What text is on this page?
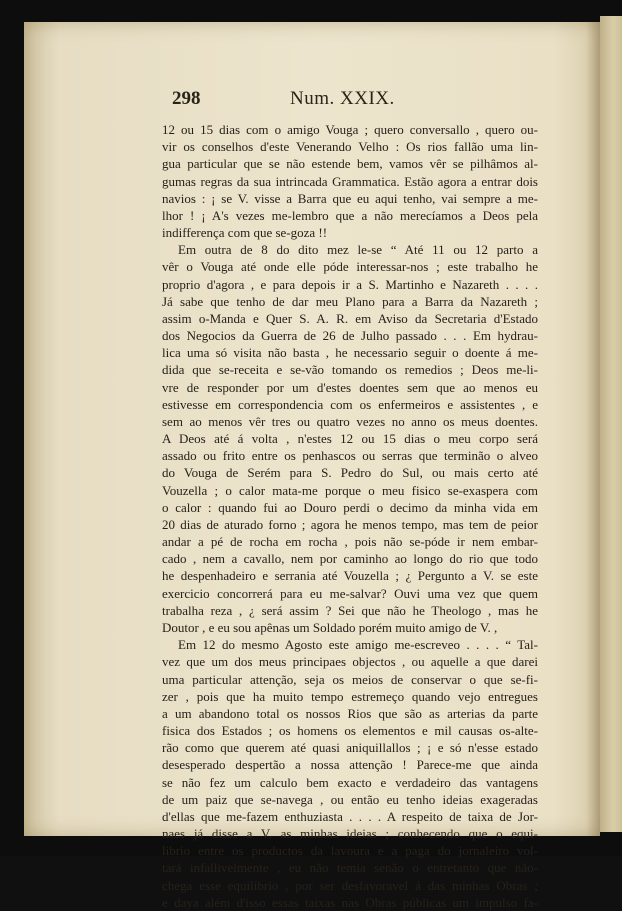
298	Num. XXIX.
12 ou 15 dias com o amigo Vouga ; quero conversallo , quero ou-
vir os conselhos d'este Venerando Velho : Os rios fallão uma lin-
gua particular que se não estende bem, vamos vêr se pilhâmos al-
gumas regras da sua intrincada Grammatica. Estão agora a entrar dois
navios : ¡ se V. visse a Barra que eu aqui tenho, vai sempre a me-
lhor ! ¡ A's vezes me-lembro que a não merecíamos a Deos pela
indifferença com que se-goza !!
Em outra de 8 do dito mez le-se “ Até 11 ou 12 parto a
vêr o Vouga até onde elle póde interessar-nos ; este trabalho he
proprio d'agora , e para depois ir a S. Martinho e Nazareth . . . .
Já sabe que tenho de dar meu Plano para a Barra da Nazareth ;
assim o-Manda e Quer S. A. R. em Aviso da Secretaria d'Estado
dos Negocios da Guerra de 26 de Julho passado . . . Em hydrau-
lica uma só visita não basta , he necessario seguir o doente á me-
dida que se-receita e se-vão tomando os remedios ; Deos me-li-
vre de responder por um d'estes doentes sem que ao menos eu
estivesse em correspondencia com os enfermeiros e assistentes , e
sem ao menos vêr tres ou quatro vezes no anno os meus doentes.
A Deos até á volta , n'estes 12 ou 15 dias o meu corpo será
assado ou frito entre os penhascos ou serras que terminão o alveo
do Vouga de Serém para S. Pedro do Sul, ou mais certo até
Vouzella ; o calor mata-me porque o meu fisico se-exaspera com
o calor : quando fui ao Douro perdi o decimo da minha vida em
20 dias de aturado forno ; agora he menos tempo, mas tem de peior
andar a pé de rocha em rocha , pois não se-póde ir nem embar-
cado , nem a cavallo, nem por caminho ao longo do rio que todo
he despenhadeiro e serrania até Vouzella ; ¿ Pergunto a V. se este
exercicio concorrerá para eu me-salvar? Ouvi uma vez que quem
trabalha reza , ¿ será assim ? Sei que não he Theologo , mas he
Doutor , e eu sou apênas um Soldado porém muito amigo de V. ,
Em 12 do mesmo Agosto este amigo me-escreveo . . . . “ Tal-
vez que um dos meus principaes objectos , ou aquelle a que darei
uma particular attenção, seja os meios de conservar o que se-fi-
zer , pois que ha muito tempo estremeço quando vejo entregues
a um abandono total os nossos Rios que são as arterias da parte
fisica dos Estados ; os homens os elementos e mil causas os-alte-
rão como que querem até quasi aniquillallos ; ¡ e só n'esse estado
desesperado despertão a nossa attenção ! Parece-me que ainda
se não fez um calculo bem exacto e verdadeiro das vantagens
de um paiz que se-navega , ou então eu tenho ideias exageradas
d'ellas que me-fazem enthuziasta . . . . A respeito de taixa de Jor-
naes já disse a V. as minhas ideias ; conhecendo que o equi-
librio entre os productos da lavoura e a paga do jornaleiro vol-
tará infallivelmente , eu não temia senão o entretanto que não-
chega esse equilibrio , por ser desfavoravel á das minhas Obras ;
e daya além d'isso essas taixas nas Obras públicas um impulso fa-
